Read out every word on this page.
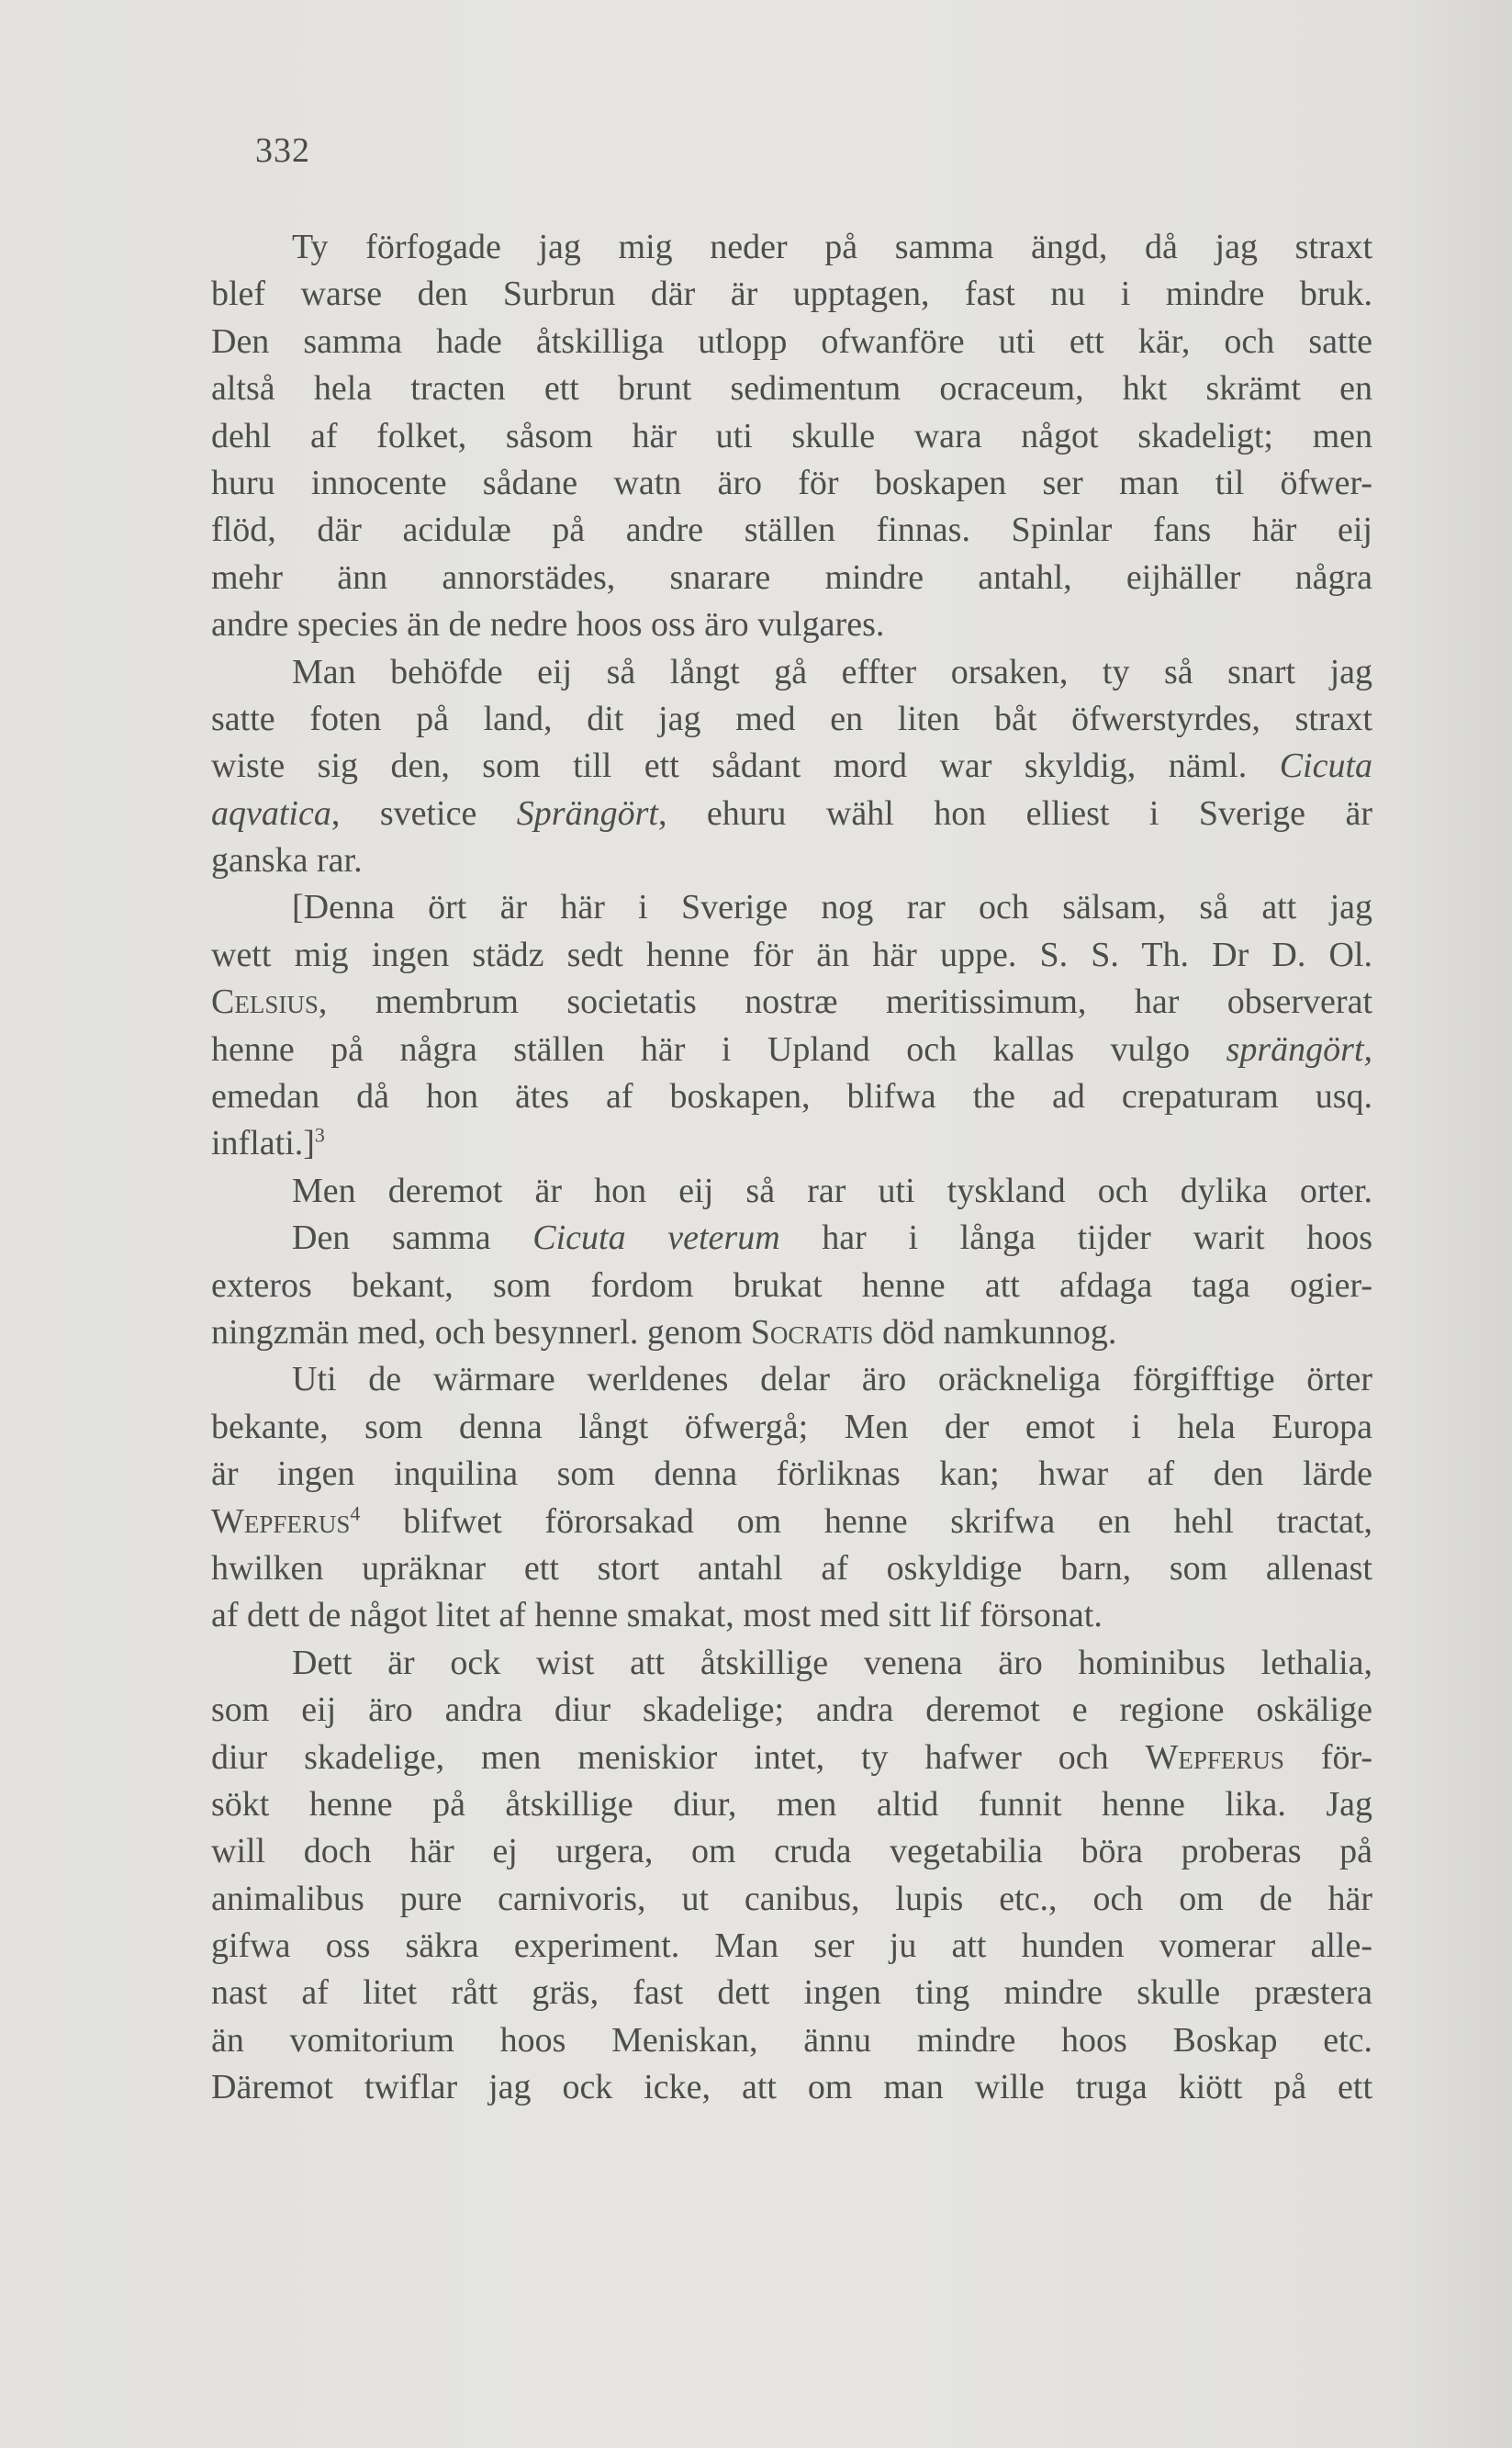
332
Ty förfogade jag mig neder på samma ängd, då jag straxt
blef warse den Surbrun där är upptagen, fast nu i mindre bruk.
Den samma hade åtskilliga utlopp ofwanföre uti ett kär, och satte
altså hela tracten ett brunt sedimentum ocraceum, hkt skrämt en
dehl af folket, såsom här uti skulle wara något skadeligt; men
huru innocente sådane watn äro för boskapen ser man til öfwer-
flöd, där acidulæ på andre ställen finnas. Spinlar fans här eij
mehr änn annorstädes, snarare mindre antahl, eijhäller några
andre species än de nedre hoos oss äro vulgares.
Man behöfde eij så långt gå effter orsaken, ty så snart jag
satte foten på land, dit jag med en liten båt öfwerstyrdes, straxt
wiste sig den, som till ett sådant mord war skyldig, näml. Cicuta
aqvatica, svetice Sprängört, ehuru wähl hon elliest i Sverige är
ganska rar.
[Denna ört är här i Sverige nog rar och sälsam, så att jag
wett mig ingen städz sedt henne för än här uppe. S. S. Th. Dr D. Ol.
Celsius, membrum societatis nostræ meritissimum, har observerat
henne på några ställen här i Upland och kallas vulgo sprängört,
emedan då hon ätes af boskapen, blifwa the ad crepaturam usq.
inflati.]$^3$
Men deremot är hon eij så rar uti tyskland och dylika orter.
Den samma Cicuta veterum har i långa tijder warit hoos
exteros bekant, som fordom brukat henne att afdaga taga ogier-
ningzmän med, och besynnerl. genom Socratis död namkunnog.
Uti de wärmare werldenes delar äro oräckneliga förgifftige örter
bekante, som denna långt öfwergå; Men der emot i hela Europa
är ingen inquilina som denna förliknas kan; hwar af den lärde
Wepferus$^4$ blifwet förorsakad om henne skrifwa en hehl tractat,
hwilken upräknar ett stort antahl af oskyldige barn, som allenast
af dett de något litet af henne smakat, most med sitt lif försonat.
Dett är ock wist att åtskillige venena äro hominibus lethalia,
som eij äro andra diur skadelige; andra deremot e regione oskälige
diur skadelige, men meniskior intet, ty hafwer och Wepferus för-
sökt henne på åtskillige diur, men altid funnit henne lika. Jag
will doch här ej urgera, om cruda vegetabilia böra proberas på
animalibus pure carnivoris, ut canibus, lupis etc., och om de här
gifwa oss säkra experiment. Man ser ju att hunden vomerar alle-
nast af litet rått gräs, fast dett ingen ting mindre skulle præstera
än vomitorium hoos Meniskan, ännu mindre hoos Boskap etc.
Däremot twiflar jag ock icke, att om man wille truga kiött på ett
